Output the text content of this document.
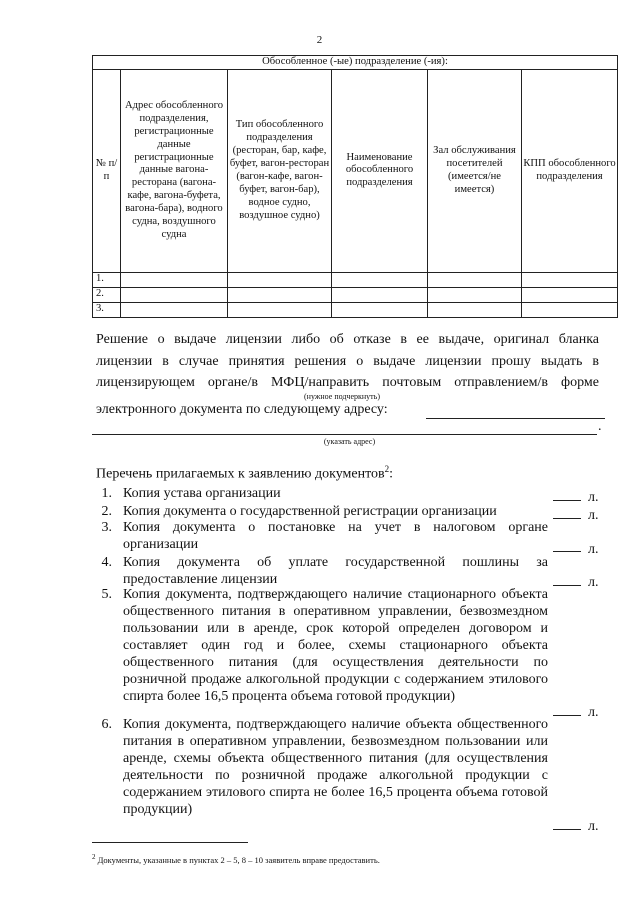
2
Обособленное (-ые) подразделение (-ия):					
№ п/п	Адрес обособленного подразделения, регистрационные данные регистрационные данные вагона-ресторана (вагона-кафе, вагона-буфета, вагона-бара), водного судна, воздушного судна	Тип обособленного подразделения (ресторан, бар, кафе, буфет, вагон-ресторан (вагон-кафе, вагон-буфет, вагон-бар), водное судно, воздушное судно)	Наименование обособленного подразделения	Зал обслуживания посетителей (имеется/не имеется)	КПП обособленного подразделения
1.					
2.					
3.					
Решение о выдаче лицензии либо об отказе в ее выдаче, оригинал бланка
лицензии в случае принятия решения о выдаче лицензии прошу выдать в
лицензирующем органе/в МФЦ/направить почтовым отправлением/в форме
(нужное подчеркнуть)
электронного документа по следующему адресу:
.
(указать адрес)
Перечень прилагаемых к заявлению документов$^2$:
1. Копия устава организации	л.
2. Копия документа о государственной регистрации организации	л.
3. Копия документа о постановке на учет в налоговом органе организации	л.
4. Копия документа об уплате государственной пошлины за предоставление лицензии	л.
5. Копия документа, подтверждающего наличие стационарного объекта общественного питания в оперативном управлении, безвозмездном пользовании или в аренде, срок которой определен договором и составляет один год и более, схемы стационарного объекта общественного питания (для осуществления деятельности по розничной продаже алкогольной продукции с содержанием этилового спирта более 16,5 процента объема готовой продукции)
л.
6. Копия документа, подтверждающего наличие объекта общественного питания в оперативном управлении, безвозмездном пользовании или аренде, схемы объекта общественного питания (для осуществления деятельности по розничной продаже алкогольной продукции с содержанием этилового спирта не более 16,5 процента объема готовой продукции)
л.
$^2$ Документы, указанные в пунктах 2 – 5, 8 – 10 заявитель вправе предоставить.
